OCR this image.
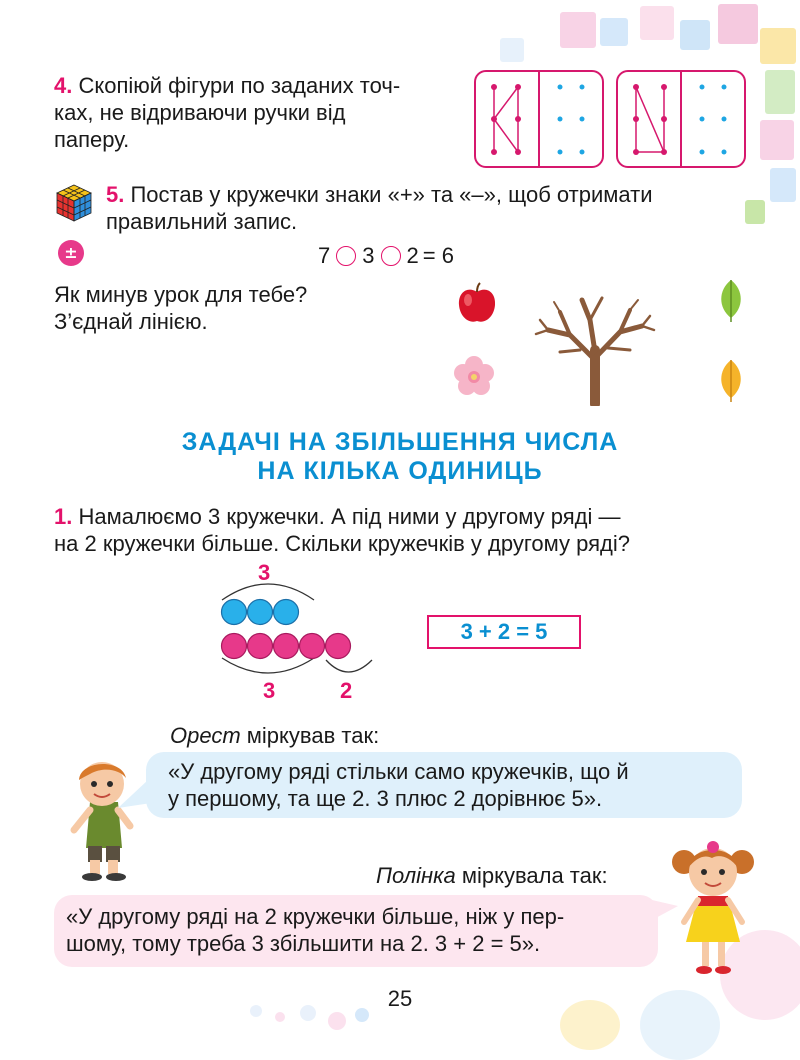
4. Скопіюй фігури по заданих точ-
ках, не відриваючи ручки від
паперу.
5. Постав у кружечки знаки «+» та «–», щоб отримати
правильний запис.
±	7 3 2 = 6
Як минув урок для тебе?
З’єднай лінією.
ЗАДАЧІ НА ЗБІЛЬШЕННЯ ЧИСЛА
НА КІЛЬКА ОДИНИЦЬ
1. Намалюємо 3 кружечки. А під ними у другому ряді —
на 2 кружечки більше. Скільки кружечків у другому ряді?
3
3	2
3 + 2 = 5
Орест міркував так:
«У другому ряді стільки само кружечків, що й
у першому, та ще 2. 3 плюс 2 дорівнює 5».
Полінка міркувала так:
«У другому ряді на 2 кружечки більше, ніж у пер-
шому, тому треба 3 збільшити на 2. 3 + 2 = 5».
25
